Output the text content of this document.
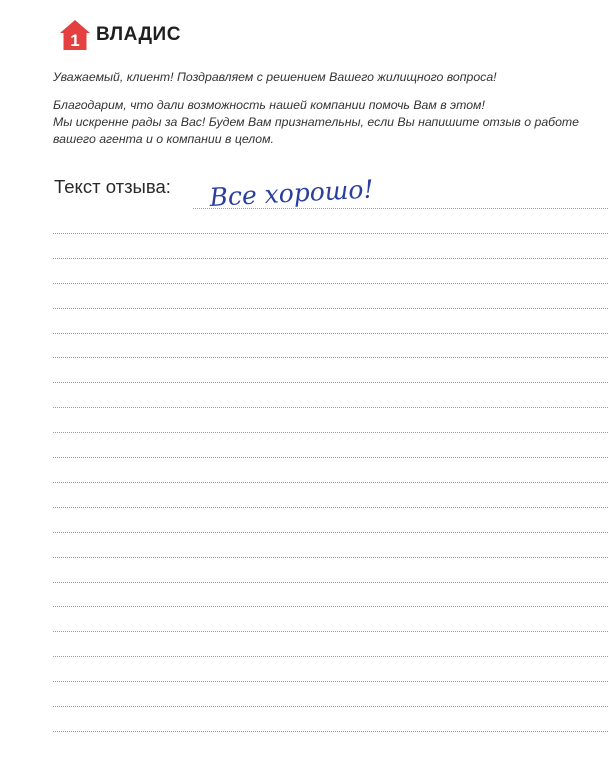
1 ВЛАДИС

Уважаемый, клиент! Поздравляем с решением Вашего жилищного вопроса!

Благодарим, что дали возможность нашей компании помочь Вам в этом!

Мы искренне рады за Вас! Будем Вам признательны, если Вы напишите отзыв о работе

вашего агента и о компании в целом.

Текст отзыва: Все хорошо!
